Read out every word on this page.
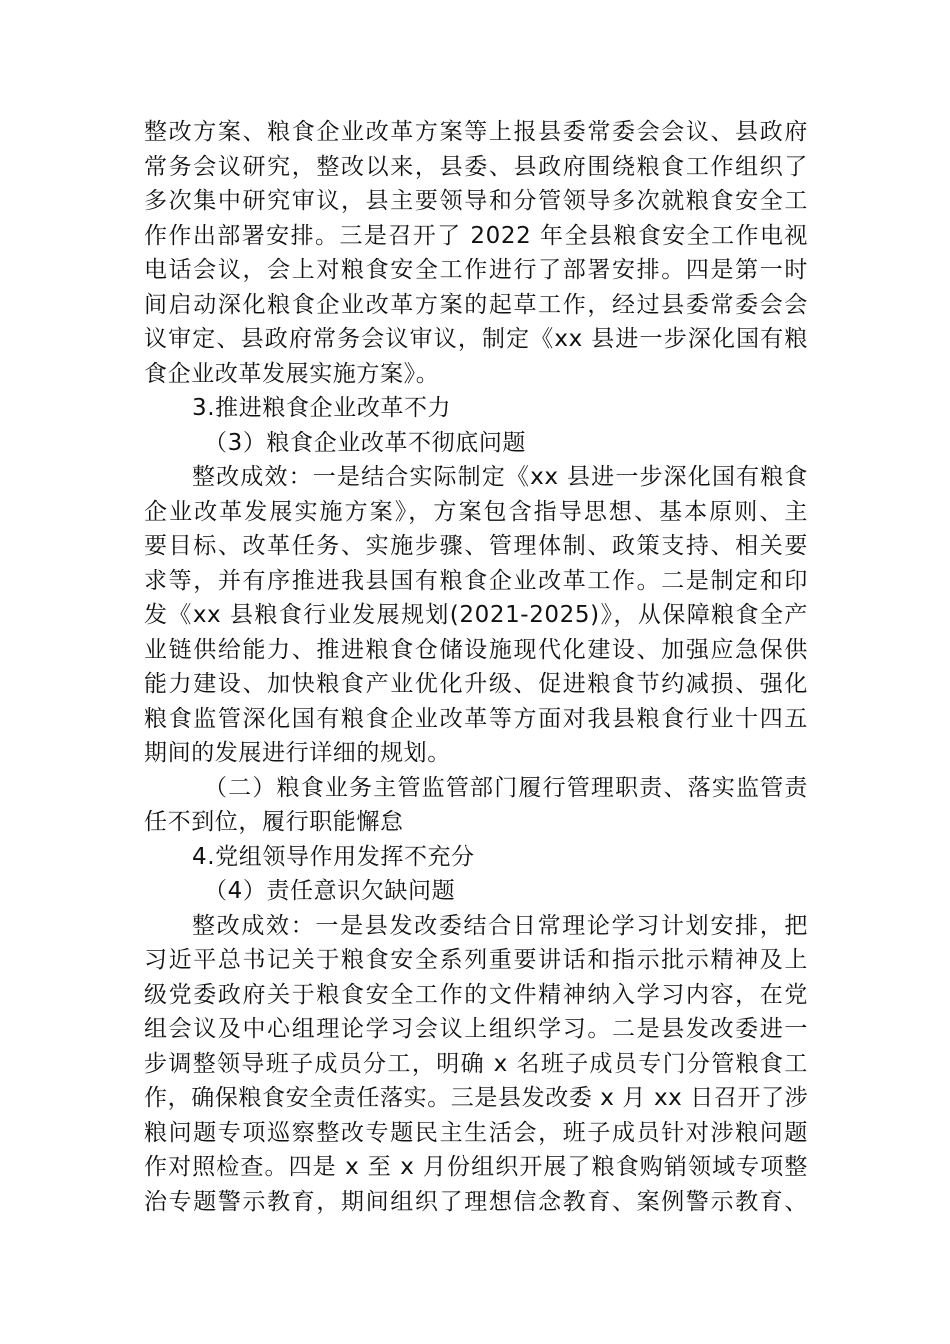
整改方案、粮食企业改革方案等上报县委常委会会议、县政府
常务会议研究，整改以来，县委、县政府围绕粮食工作组织了
多次集中研究审议，县主要领导和分管领导多次就粮食安全工
作作出部署安排。三是召开了 2022 年全县粮食安全工作电视
电话会议，会上对粮食安全工作进行了部署安排。四是第一时
间启动深化粮食企业改革方案的起草工作，经过县委常委会会
议审定、县政府常务会议审议，制定《xx 县进一步深化国有粮
食企业改革发展实施方案》。
3.推进粮食企业改革不力
（3）粮食企业改革不彻底问题
整改成效：一是结合实际制定《xx 县进一步深化国有粮食
企业改革发展实施方案》，方案包含指导思想、基本原则、主
要目标、改革任务、实施步骤、管理体制、政策支持、相关要
求等，并有序推进我县国有粮食企业改革工作。二是制定和印
发《xx 县粮食行业发展规划(2021-2025)》，从保障粮食全产
业链供给能力、推进粮食仓储设施现代化建设、加强应急保供
能力建设、加快粮食产业优化升级、促进粮食节约减损、强化
粮食监管深化国有粮食企业改革等方面对我县粮食行业十四五
期间的发展进行详细的规划。
（二）粮食业务主管监管部门履行管理职责、落实监管责
任不到位，履行职能懈怠
4.党组领导作用发挥不充分
（4）责任意识欠缺问题
整改成效：一是县发改委结合日常理论学习计划安排，把
习近平总书记关于粮食安全系列重要讲话和指示批示精神及上
级党委政府关于粮食安全工作的文件精神纳入学习内容，在党
组会议及中心组理论学习会议上组织学习。二是县发改委进一
步调整领导班子成员分工，明确 x 名班子成员专门分管粮食工
作，确保粮食安全责任落实。三是县发改委 x 月 xx 日召开了涉
粮问题专项巡察整改专题民主生活会，班子成员针对涉粮问题
作对照检查。四是 x 至 x 月份组织开展了粮食购销领域专项整
治专题警示教育，期间组织了理想信念教育、案例警示教育、
